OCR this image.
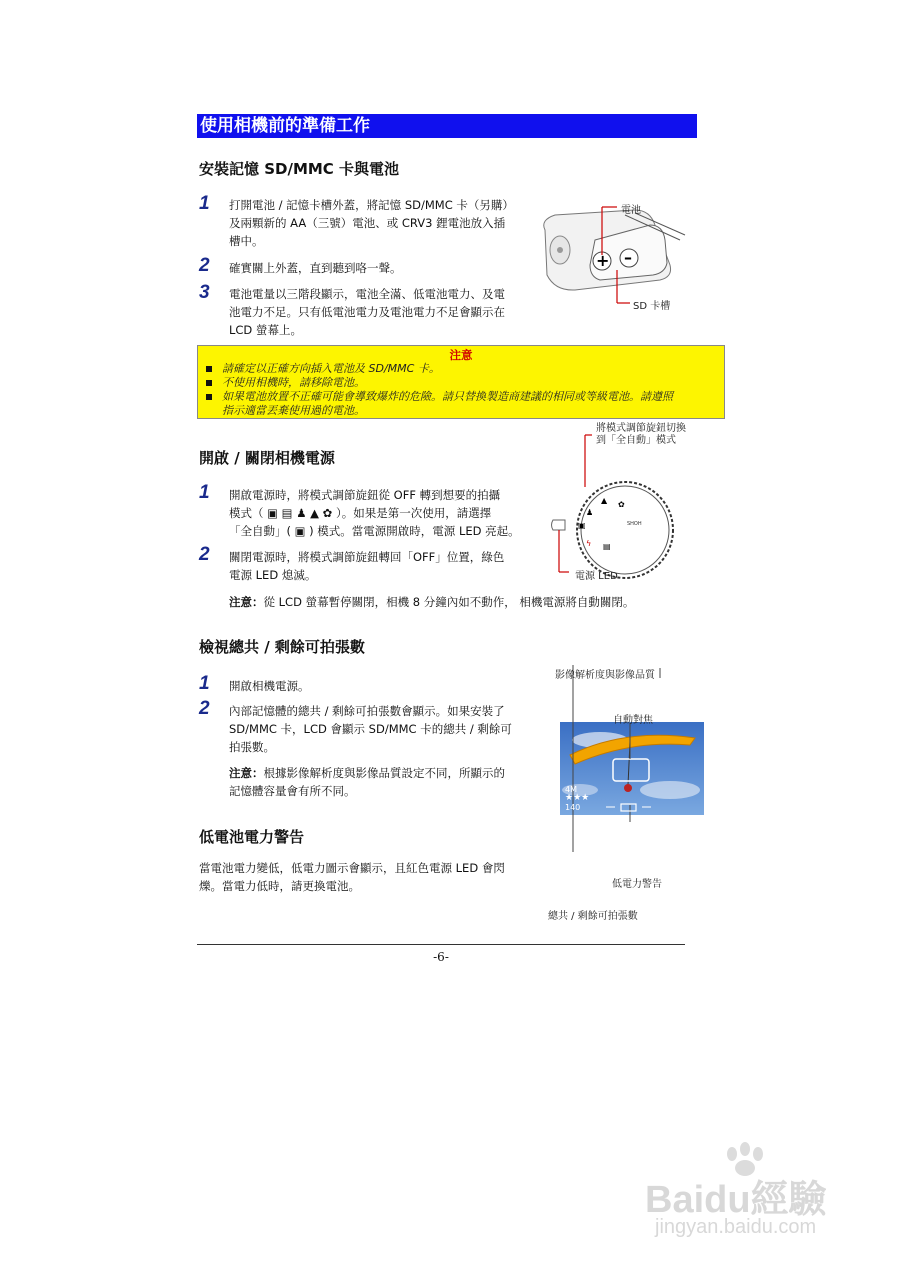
使用相機前的準備工作
安裝記憶 SD/MMC 卡與電池
1 打開電池 / 記憶卡槽外蓋，將記憶 SD/MMC 卡（另購）
及兩顆新的 AA（三號）電池、或 CRV3 鋰電池放入插
槽中。
2 確實關上外蓋，直到聽到咯一聲。
3 電池電量以三階段顯示，電池全滿、低電池電力、及電
池電力不足。只有低電池電力及電池電力不足會顯示在
LCD 螢幕上。
+ –
電池
SD 卡槽
注意
請確定以正確方向插入電池及 SD/MMC 卡。
不使用相機時，請移除電池。
如果電池放置不正確可能會導致爆炸的危險。請只替換製造商建議的相同或等級電池。請遵照
指示適當丟棄使用過的電池。
開啟 / 關閉相機電源
1 開啟電源時，將模式調節旋鈕從 OFF 轉到想要的拍攝
模式（ ▣ ▤ ♟ ▲ ✿ ）。如果是第一次使用，請選擇
「全自動」( ▣ ) 模式。當電源開啟時，電源 LED 亮起。
2 關閉電源時，將模式調節旋鈕轉回「OFF」位置，綠色
電源 LED 熄滅。
注意：從 LCD 螢幕暫停關閉，相機 8 分鐘內如不動作， 相機電源將自動關閉。
▣
♟
▲ ✿
SHOH
ϟ ▤
將模式調節旋鈕切換
到「全自動」模式
電源 LED
檢視總共 / 剩餘可拍張數
1 開啟相機電源。
2 內部記憶體的總共 / 剩餘可拍張數會顯示。如果安裝了
SD/MMC 卡，LCD 會顯示 SD/MMC 卡的總共 / 剩餘可
拍張數。
注意：根據影像解析度與影像品質設定不同，所顯示的
記憶體容量會有所不同。	4M
★★★
140
影像解析度與影像品質
自動對焦
低電力警告
總共 / 剩餘可拍張數
低電池電力警告
當電池電力變低，低電力圖示會顯示，且紅色電源 LED 會閃
爍。當電力低時，請更換電池。
-6-
Baidu經驗
jingyan.baidu.com
